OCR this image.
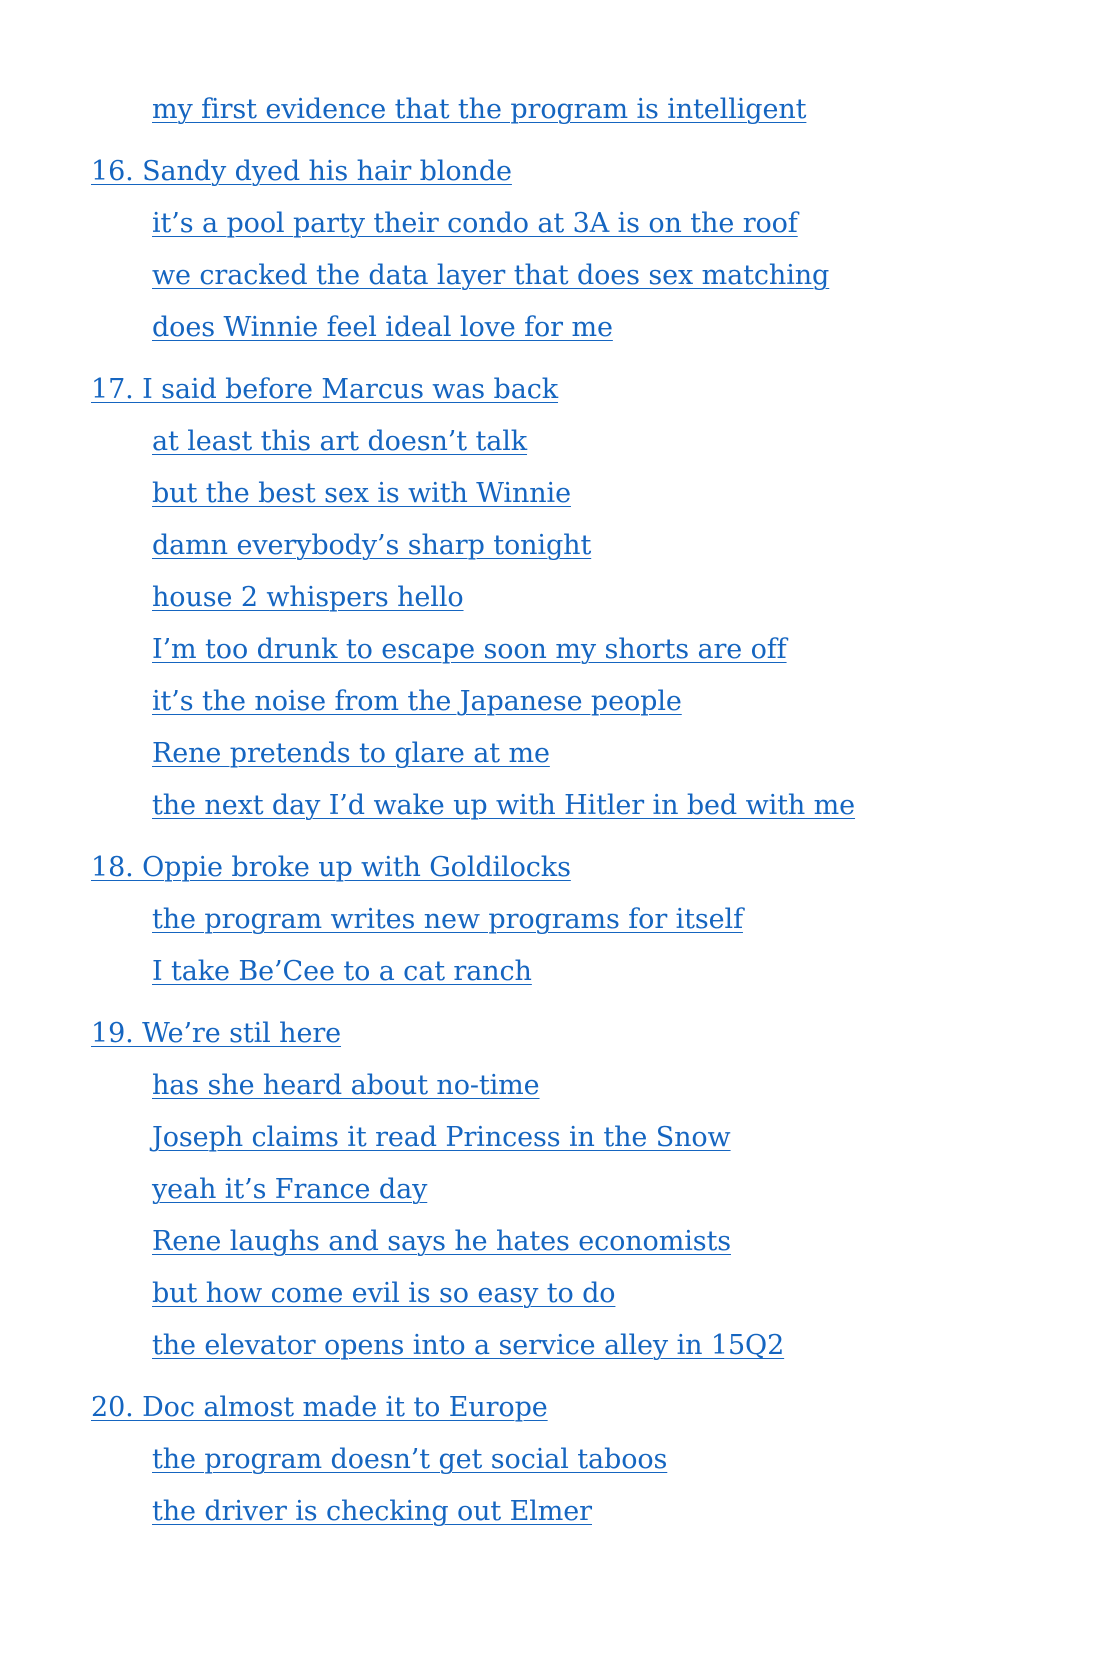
my first evidence that the program is intelligent
16. Sandy dyed his hair blonde
it’s a pool party their condo at 3A is on the roof
we cracked the data layer that does sex matching
does Winnie feel ideal love for me
17. I said before Marcus was back
at least this art doesn’t talk
but the best sex is with Winnie
damn everybody’s sharp tonight
house 2 whispers hello
I’m too drunk to escape soon my shorts are off
it’s the noise from the Japanese people
Rene pretends to glare at me
the next day I’d wake up with Hitler in bed with me
18. Oppie broke up with Goldilocks
the program writes new programs for itself
I take Be’Cee to a cat ranch
19. We’re stil here
has she heard about no-time
Joseph claims it read Princess in the Snow
yeah it’s France day
Rene laughs and says he hates economists
but how come evil is so easy to do
the elevator opens into a service alley in 15Q2
20. Doc almost made it to Europe
the program doesn’t get social taboos
the driver is checking out Elmer
